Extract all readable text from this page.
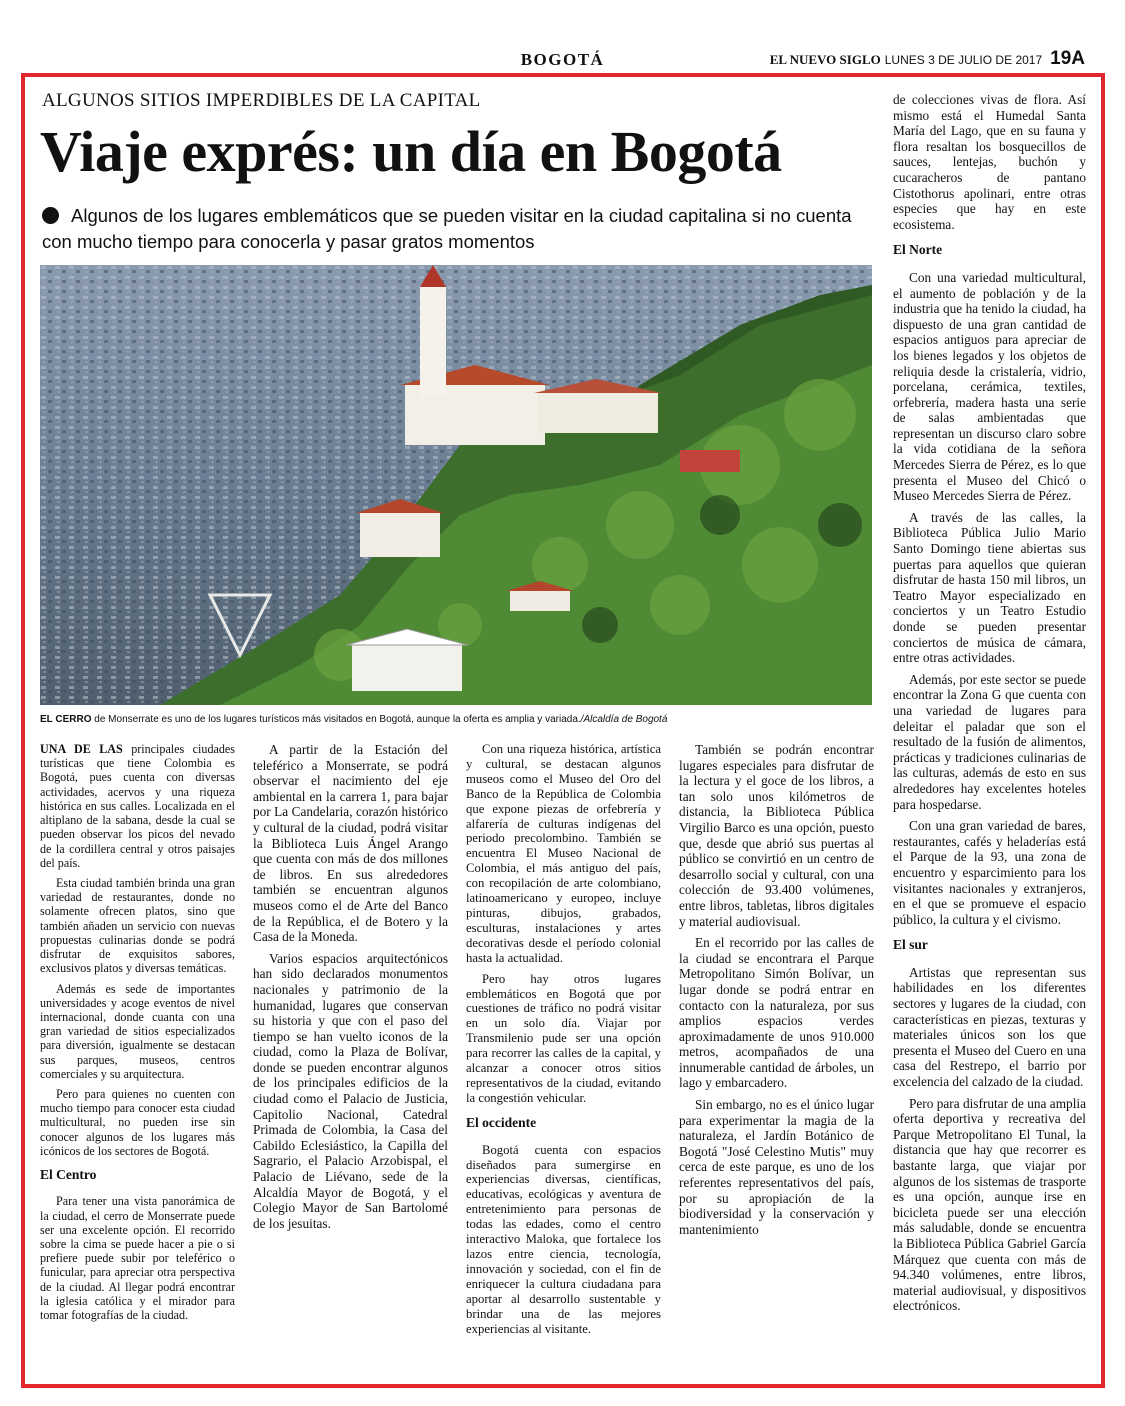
BOGOTÁ	EL NUEVO SIGLO LUNES 3 DE JULIO DE 2017 19A
ALGUNOS SITIOS IMPERDIBLES DE LA CAPITAL
Viaje exprés: un día en Bogotá
Algunos de los lugares emblemáticos que se pueden visitar en la ciudad capitalina si no cuenta con mucho tiempo para conocerla y pasar gratos momentos
EL CERRO de Monserrate es uno de los lugares turísticos más visitados en Bogotá, aunque la oferta es amplia y variada./Alcaldía de Bogotá

UNA DE LAS principales ciudades turísticas que tiene Colombia es Bogotá, pues cuenta con diversas actividades, acervos y una riqueza histórica en sus calles. Localizada en el altiplano de la sabana, desde la cual se pueden observar los picos del nevado de la cordillera central y otros paisajes del país.

Esta ciudad también brinda una gran variedad de restaurantes, donde no solamente ofrecen platos, sino que también añaden un servicio con nuevas propuestas culinarias donde se podrá disfrutar de exquisitos sabores, exclusivos platos y diversas temáticas.

Además es sede de importantes universidades y acoge eventos de nivel internacional, donde cuanta con una gran variedad de sitios especializados para diversión, igualmente se destacan sus parques, museos, centros comerciales y su arquitectura.

Pero para quienes no cuenten con mucho tiempo para conocer esta ciudad multicultural, no pueden irse sin conocer algunos de los lugares más icónicos de los sectores de Bogotá.

El Centro

Para tener una vista panorámica de la ciudad, el cerro de Monserrate puede ser una excelente opción. El recorrido sobre la cima se puede hacer a pie o si prefiere puede subir por teleférico o funicular, para apreciar otra perspectiva de la ciudad. Al llegar podrá encontrar la iglesia católica y el mirador para tomar fotografías de la ciudad.

A partir de la Estación del teleférico a Monserrate, se podrá observar el nacimiento del eje ambiental en la carrera 1, para bajar por La Candelaria, corazón histórico y cultural de la ciudad, podrá visitar la Biblioteca Luis Ángel Arango que cuenta con más de dos millones de libros. En sus alrededores también se encuentran algunos museos como el de Arte del Banco de la República, el de Botero y la Casa de la Moneda.

Varios espacios arquitectónicos han sido declarados monumentos nacionales y patrimonio de la humanidad, lugares que conservan su historia y que con el paso del tiempo se han vuelto iconos de la ciudad, como la Plaza de Bolívar, donde se pueden encontrar algunos de los principales edificios de la ciudad como el Palacio de Justicia, Capitolio Nacional, Catedral Primada de Colombia, la Casa del Cabildo Eclesiástico, la Capilla del Sagrario, el Palacio Arzobispal, el Palacio de Liévano, sede de la Alcaldía Mayor de Bogotá, y el Colegio Mayor de San Bartolomé de los jesuitas.

Con una riqueza histórica, artística y cultural, se destacan algunos museos como el Museo del Oro del Banco de la República de Colombia que expone piezas de orfebrería y alfarería de culturas indígenas del periodo precolombino. También se encuentra El Museo Nacional de Colombia, el más antiguo del país, con recopilación de arte colombiano, latinoamericano y europeo, incluye pinturas, dibujos, grabados, esculturas, instalaciones y artes decorativas desde el período colonial hasta la actualidad.

Pero hay otros lugares emblemáticos en Bogotá que por cuestiones de tráfico no podrá visitar en un solo día. Viajar por Transmilenio pude ser una opción para recorrer las calles de la capital, y alcanzar a conocer otros sitios representativos de la ciudad, evitando la congestión vehicular.

El occidente

Bogotá cuenta con espacios diseñados para sumergirse en experiencias diversas, científicas, educativas, ecológicas y aventura de entretenimiento para personas de todas las edades, como el centro interactivo Maloka, que fortalece los lazos entre ciencia, tecnología, innovación y sociedad, con el fin de enriquecer la cultura ciudadana para aportar al desarrollo sustentable y brindar una de las mejores experiencias al visitante.

También se podrán encontrar lugares especiales para disfrutar de la lectura y el goce de los libros, a tan solo unos kilómetros de distancia, la Biblioteca Pública Virgilio Barco es una opción, puesto que, desde que abrió sus puertas al público se convirtió en un centro de desarrollo social y cultural, con una colección de 93.400 volúmenes, entre libros, tabletas, libros digitales y material audiovisual.

En el recorrido por las calles de la ciudad se encontrara el Parque Metropolitano Simón Bolívar, un lugar donde se podrá entrar en contacto con la naturaleza, por sus amplios espacios verdes aproximadamente de unos 910.000 metros, acompañados de una innumerable cantidad de árboles, un lago y embarcadero.

Sin embargo, no es el único lugar para experimentar la magia de la naturaleza, el Jardín Botánico de Bogotá "José Celestino Mutis" muy cerca de este parque, es uno de los referentes representativos del país, por su apropiación de la biodiversidad y la conservación y mantenimiento

de colecciones vivas de flora. Así mismo está el Humedal Santa María del Lago, que en su fauna y flora resaltan los bosquecillos de sauces, lentejas, buchón y cucaracheros de pantano Cistothorus apolinari, entre otras especies que hay en este ecosistema.

El Norte

Con una variedad multicultural, el aumento de población y de la industria que ha tenido la ciudad, ha dispuesto de una gran cantidad de espacios antiguos para apreciar de los bienes legados y los objetos de reliquia desde la cristalería, vidrio, porcelana, cerámica, textiles, orfebrería, madera hasta una serie de salas ambientadas que representan un discurso claro sobre la vida cotidiana de la señora Mercedes Sierra de Pérez, es lo que presenta el Museo del Chicó o Museo Mercedes Sierra de Pérez.

A través de las calles, la Biblioteca Pública Julio Mario Santo Domingo tiene abiertas sus puertas para aquellos que quieran disfrutar de hasta 150 mil libros, un Teatro Mayor especializado en conciertos y un Teatro Estudio donde se pueden presentar conciertos de música de cámara, entre otras actividades.

Además, por este sector se puede encontrar la Zona G que cuenta con una variedad de lugares para deleitar el paladar que son el resultado de la fusión de alimentos, prácticas y tradiciones culinarias de las culturas, además de esto en sus alrededores hay excelentes hoteles para hospedarse.

Con una gran variedad de bares, restaurantes, cafés y heladerías está el Parque de la 93, una zona de encuentro y esparcimiento para los visitantes nacionales y extranjeros, en el que se promueve el espacio público, la cultura y el civismo.

El sur

Artistas que representan sus habilidades en los diferentes sectores y lugares de la ciudad, con características en piezas, texturas y materiales únicos son los que presenta el Museo del Cuero en una casa del Restrepo, el barrio por excelencia del calzado de la ciudad.

Pero para disfrutar de una amplia oferta deportiva y recreativa del Parque Metropolitano El Tunal, la distancia que hay que recorrer es bastante larga, que viajar por algunos de los sistemas de trasporte es una opción, aunque irse en bicicleta puede ser una elección más saludable, donde se encuentra la Biblioteca Pública Gabriel García Márquez que cuenta con más de 94.340 volúmenes, entre libros, material audiovisual, y dispositivos electrónicos.
